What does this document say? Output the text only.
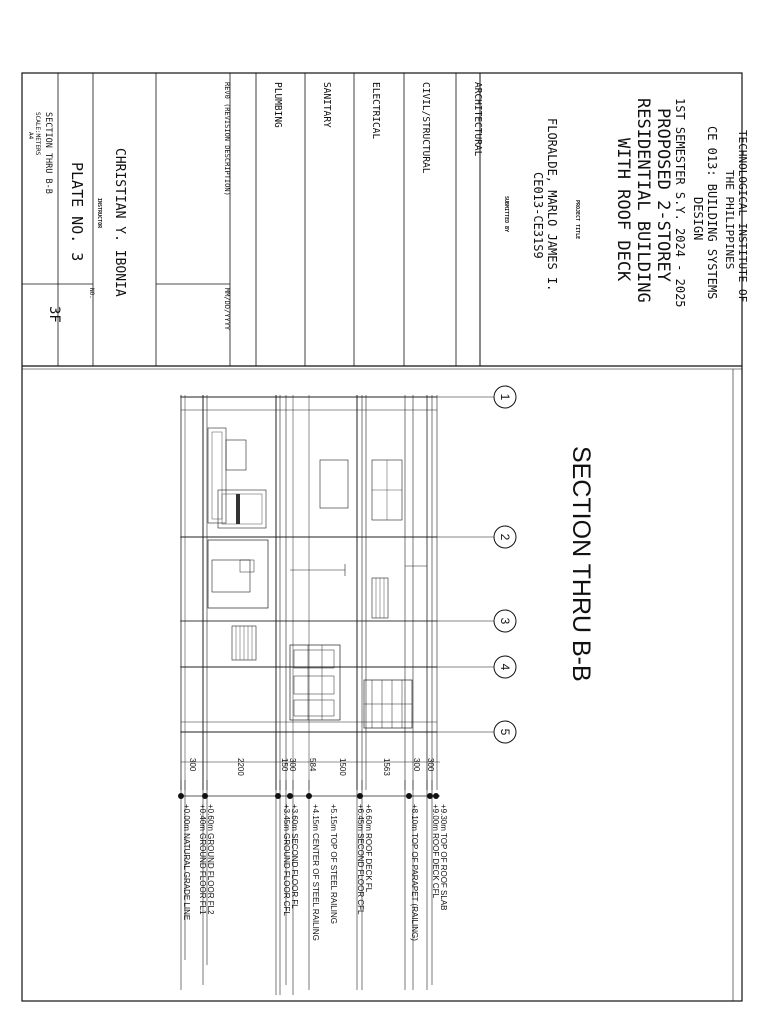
TECHNOLOGICAL INSTITUTE OF
THE PHILIPPINES
CE 013: BUILDING SYSTEMS
DESIGN
1ST SEMESTER S.Y. 2024 - 2025
PROPOSED 2-STOREY
RESIDENTIAL BUILDING
WITH ROOF DECK
PROJECT TITLE
FLORALDE, MARLO JAMES I.
CE013-CE31S9
SUBMITTED BY
ARCHITECTURAL
CIVIL/STRUCTURAL
ELECTRICAL
SANITARY
PLUMBING
REV0 (REVISION DESCRIPTION)
MM/DD/YYYY
CHRISTIAN Y. IBONIA
INSTRUCTOR
PLATE NO. 3
SECTION THRU B-B
SCALE:METERS
A4
NO.
3F
SECTION THRU B-B
1
2
3
4
5
300	2200	150 300 584	1500	1563	300 300
+9.30m TOP OF ROOF SLAB
+9.00m ROOF DECK CFL
+8.10m TOP OF PARAPET (RAILING)
+6.60m ROOF DECK FL
+6.45m SECOND FLOOR CFL
+5.15m TOP OF STEEL RAILING
+4.15m CENTER OF STEEL RAILING
+3.60m SECOND FLOOR FL
+3.45m GROUND FLOOR CFL
+0.60m GROUND FLOOR FL2
+0.40m GROUND FLOOR FL1
+0.00m NATURAL GRADE LINE
